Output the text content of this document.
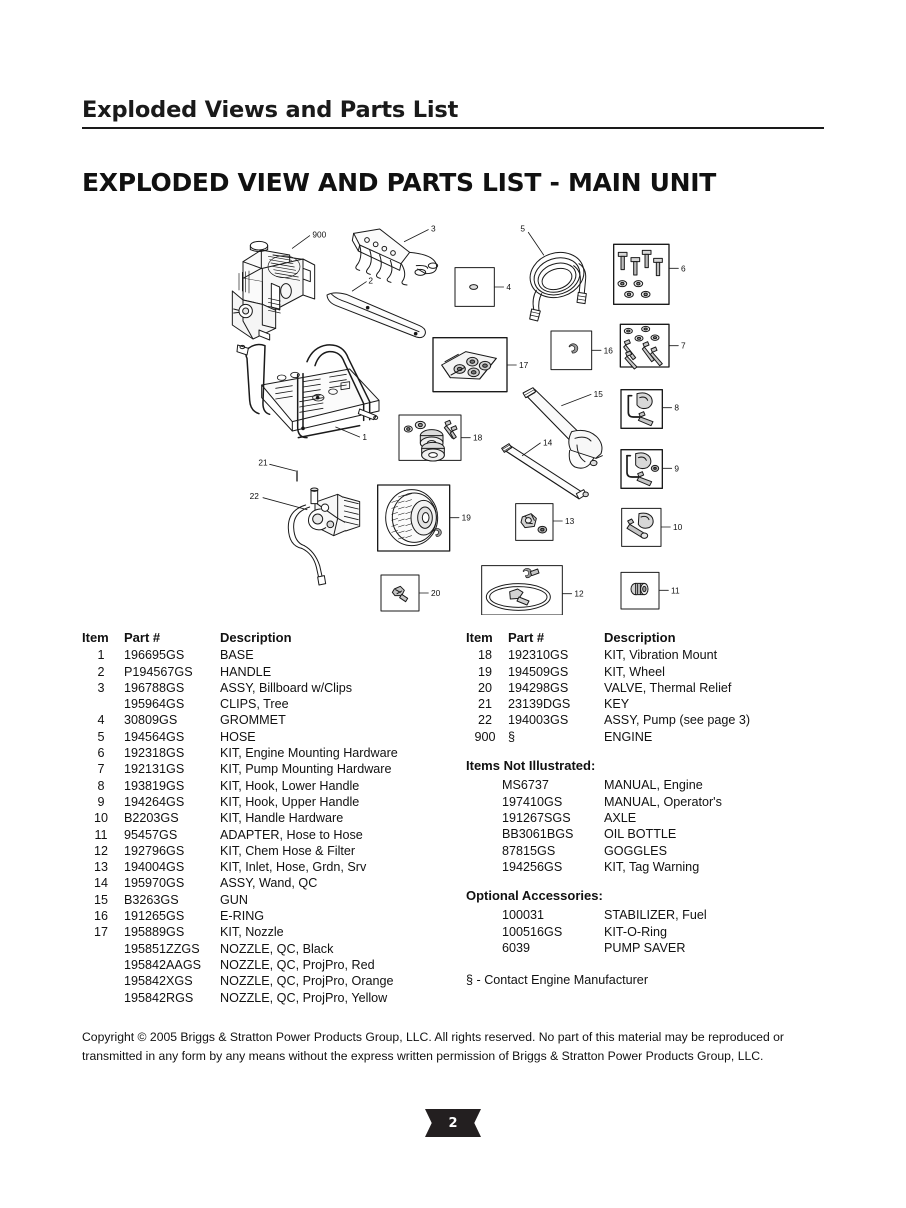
Exploded Views and Parts List
EXPLODED VIEW AND PARTS LIST - MAIN UNIT
900
3
2
1
21
22
4
5
6
7
17
16
18
15
14
8
9
10
11
19	13
20	12
Item	Part #	Description
1	196695GS	BASE
2	P194567GS	HANDLE
3	196788GS	ASSY, Billboard w/Clips
	195964GS	CLIPS, Tree
4	30809GS	GROMMET
5	194564GS	HOSE
6	192318GS	KIT, Engine Mounting Hardware
7	192131GS	KIT, Pump Mounting Hardware
8	193819GS	KIT, Hook, Lower Handle
9	194264GS	KIT, Hook, Upper Handle
10	B2203GS	KIT, Handle Hardware
11	95457GS	ADAPTER, Hose to Hose
12	192796GS	KIT, Chem Hose & Filter
13	194004GS	KIT, Inlet, Hose, Grdn, Srv
14	195970GS	ASSY, Wand, QC
15	B3263GS	GUN
16	191265GS	E-RING
17	195889GS	KIT, Nozzle
	195851ZZGS	NOZZLE, QC, Black
	195842AAGS	NOZZLE, QC, ProjPro, Red
	195842XGS	NOZZLE, QC, ProjPro, Orange
	195842RGS	NOZZLE, QC, ProjPro, Yellow
Item	Part #	Description
18	192310GS	KIT, Vibration Mount
19	194509GS	KIT, Wheel
20	194298GS	VALVE, Thermal Relief
21	23139DGS	KEY
22	194003GS	ASSY, Pump (see page 3)
900	§	ENGINE
Items Not Illustrated:
	MS6737	MANUAL, Engine
	197410GS	MANUAL, Operator's
	191267SGS	AXLE
	BB3061BGS	OIL BOTTLE
	87815GS	GOGGLES
	194256GS	KIT, Tag Warning
Optional Accessories:
	100031	STABILIZER, Fuel
	100516GS	KIT-O-Ring
	6039	PUMP SAVER
§ - Contact Engine Manufacturer
Copyright © 2005 Briggs & Stratton Power Products Group, LLC. All rights reserved. No part of this material may be reproduced or transmitted in any form by any means without the express written permission of Briggs & Stratton Power Products Group, LLC.
2
